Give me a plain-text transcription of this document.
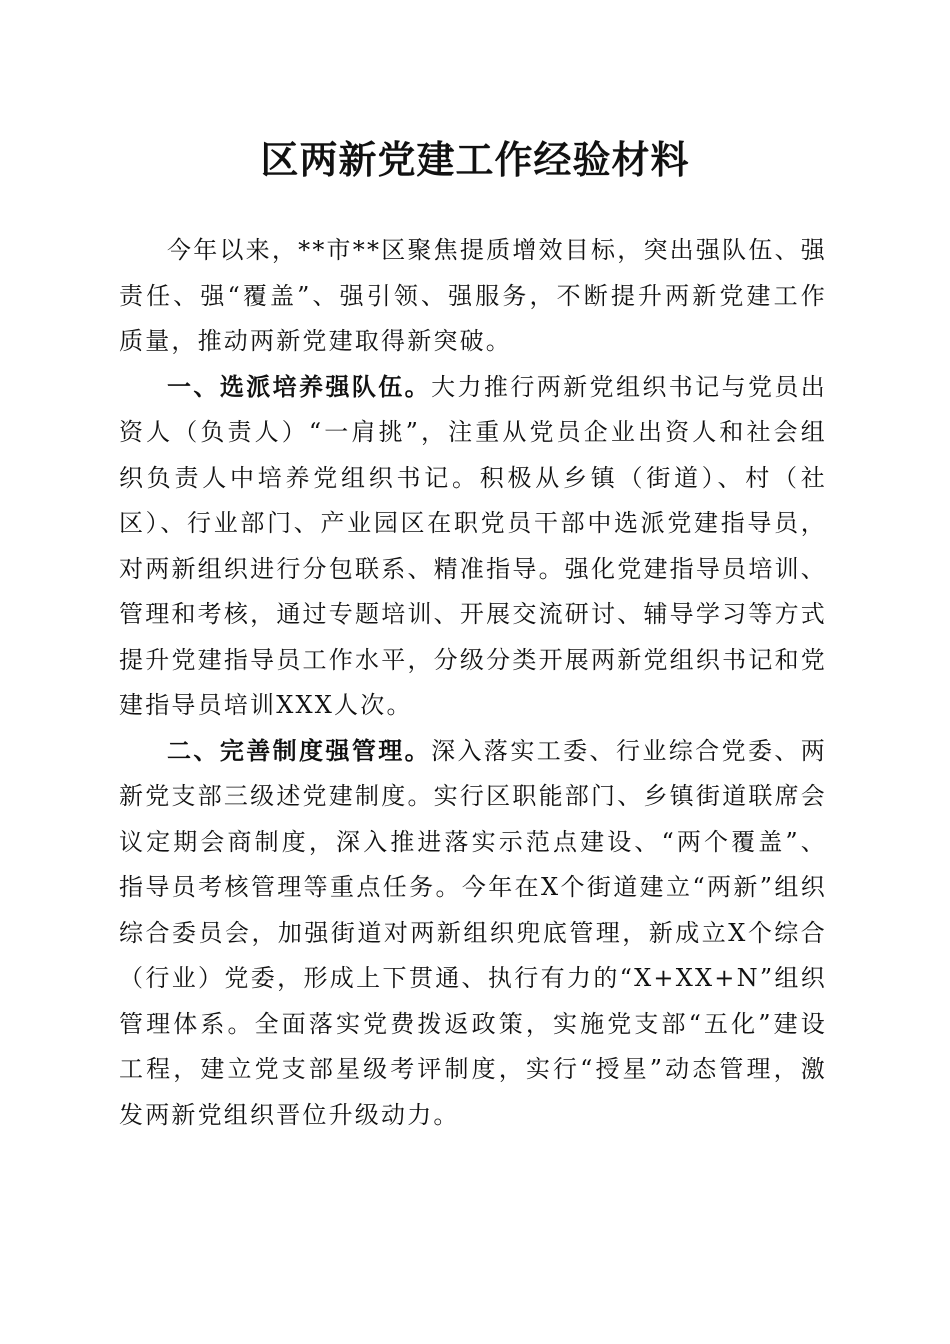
区两新党建工作经验材料

今年以来，**市**区聚焦提质增效目标，突出强队伍、强责任、强“覆盖”、强引领、强服务，不断提升两新党建工作质量，推动两新党建取得新突破。

一、选派培养强队伍。大力推行两新党组织书记与党员出资人（负责人）“一肩挑”，注重从党员企业出资人和社会组织负责人中培养党组织书记。积极从乡镇（街道）、村（社区）、行业部门、产业园区在职党员干部中选派党建指导员，对两新组织进行分包联系、精准指导。强化党建指导员培训、管理和考核，通过专题培训、开展交流研讨、辅导学习等方式提升党建指导员工作水平，分级分类开展两新党组织书记和党建指导员培训XXX人次。

二、完善制度强管理。深入落实工委、行业综合党委、两新党支部三级述党建制度。实行区职能部门、乡镇街道联席会议定期会商制度，深入推进落实示范点建设、“两个覆盖”、指导员考核管理等重点任务。今年在X个街道建立“两新”组织综合委员会，加强街道对两新组织兜底管理，新成立X个综合（行业）党委，形成上下贯通、执行有力的“X+XX+N”组织管理体系。全面落实党费拨返政策，实施党支部“五化”建设工程，建立党支部星级考评制度，实行“授星”动态管理，激发两新党组织晋位升级动力。
